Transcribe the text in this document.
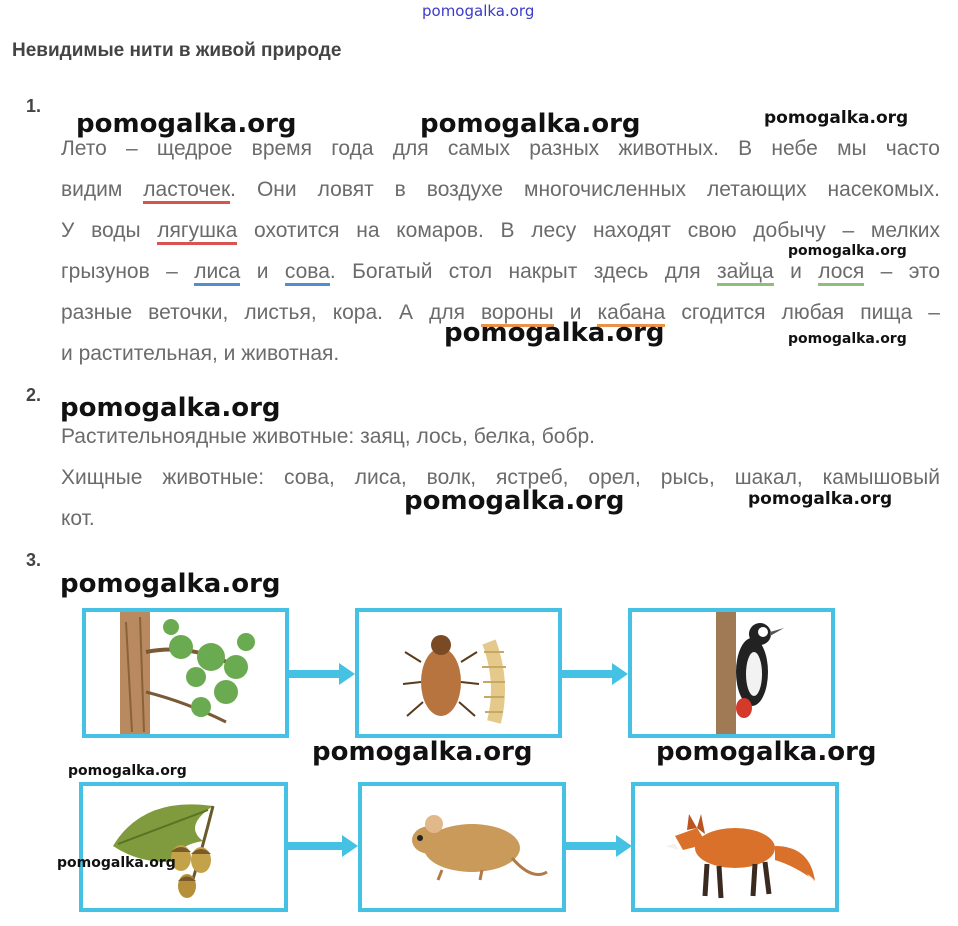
pomogalka.org
Невидимые нити в живой природе
1.
Лето – щедрое время года для самых разных животных. В небе мы часто
видим ласточек. Они ловят в воздухе многочисленных летающих насекомых.
У воды лягушка охотится на комаров. В лесу находят свою добычу – мелких
грызунов – лиса и сова. Богатый стол накрыт здесь для зайца и лося – это
разные веточки, листья, кора. А для вороны и кабана сгодится любая пища –
и растительная, и животная.
2.
Растительноядные животные: заяц, лось, белка, бобр.
Хищные животные: сова, лиса, волк, ястреб, орел, рысь, шакал, камышовый
кот.
3.
pomogalka.org	pomogalka.org	pomogalka.org
pomogalka.org
pomogalka.org	pomogalka.org
pomogalka.org
pomogalka.org	pomogalka.org
pomogalka.org
pomogalka.org	pomogalka.org
pomogalka.org
pomogalka.org
